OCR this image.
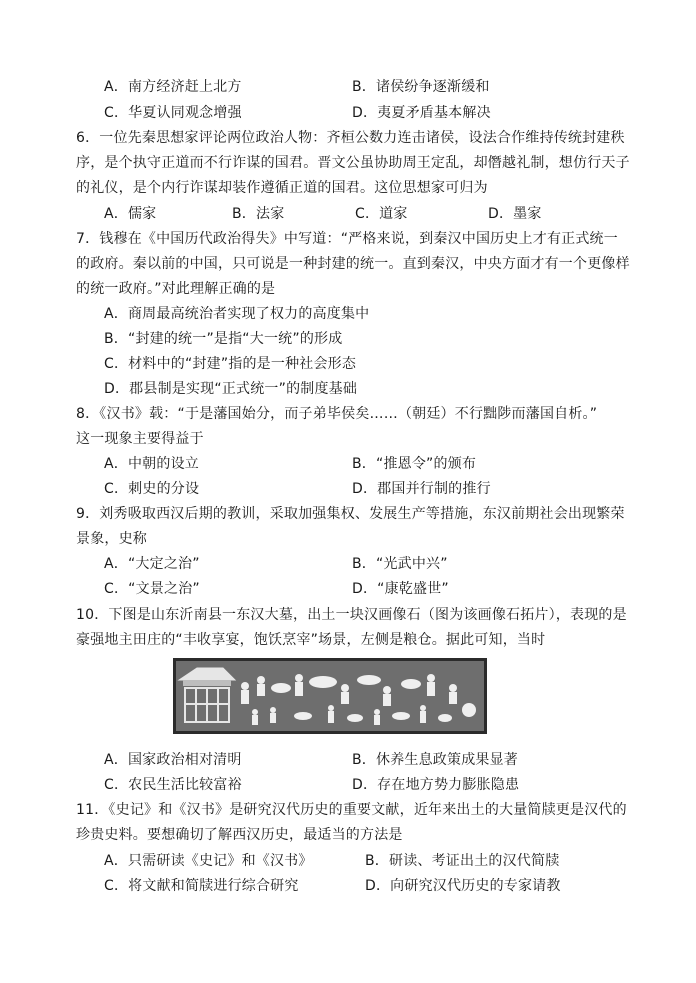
A．南方经济赶上北方	B．诸侯纷争逐渐缓和
C．华夏认同观念增强	D．夷夏矛盾基本解决
6．一位先秦思想家评论两位政治人物：齐桓公数力连击诸侯，设法合作维持传统封建秩
序，是个执守正道而不行诈谋的国君。晋文公虽协助周王定乱，却僭越礼制，想仿行天子
的礼仪，是个内行诈谋却装作遵循正道的国君。这位思想家可归为
A．儒家	B．法家	C．道家	D．墨家
7．钱穆在《中国历代政治得失》中写道：“严格来说，到秦汉中国历史上才有正式统一
的政府。秦以前的中国，只可说是一种封建的统一。直到秦汉，中央方面才有一个更像样
的统一政府。”对此理解正确的是
A．商周最高统治者实现了权力的高度集中
B．“封建的统一”是指“大一统”的形成
C．材料中的“封建”指的是一种社会形态
D．郡县制是实现“正式统一”的制度基础
8．《汉书》载：“于是藩国始分，而子弟毕侯矣……（朝廷）不行黜陟而藩国自析。”
这一现象主要得益于
A．中朝的设立	B．“推恩令”的颁布
C．刺史的分设	D．郡国并行制的推行
9．刘秀吸取西汉后期的教训，采取加强集权、发展生产等措施，东汉前期社会出现繁荣
景象，史称
A．“大定之治”	B．“光武中兴”
C．“文景之治”	D．“康乾盛世”
10．下图是山东沂南县一东汉大墓，出土一块汉画像石（图为该画像石拓片），表现的是
豪强地主田庄的“丰收享宴，饱饫烹宰”场景，左侧是粮仓。据此可知，当时
A．国家政治相对清明	B．休养生息政策成果显著
C．农民生活比较富裕	D．存在地方势力膨胀隐患
11．《史记》和《汉书》是研究汉代历史的重要文献，近年来出土的大量简牍更是汉代的
珍贵史料。要想确切了解西汉历史，最适当的方法是
A．只需研读《史记》和《汉书》	B．研读、考证出土的汉代简牍
C．将文献和简牍进行综合研究	D．向研究汉代历史的专家请教
